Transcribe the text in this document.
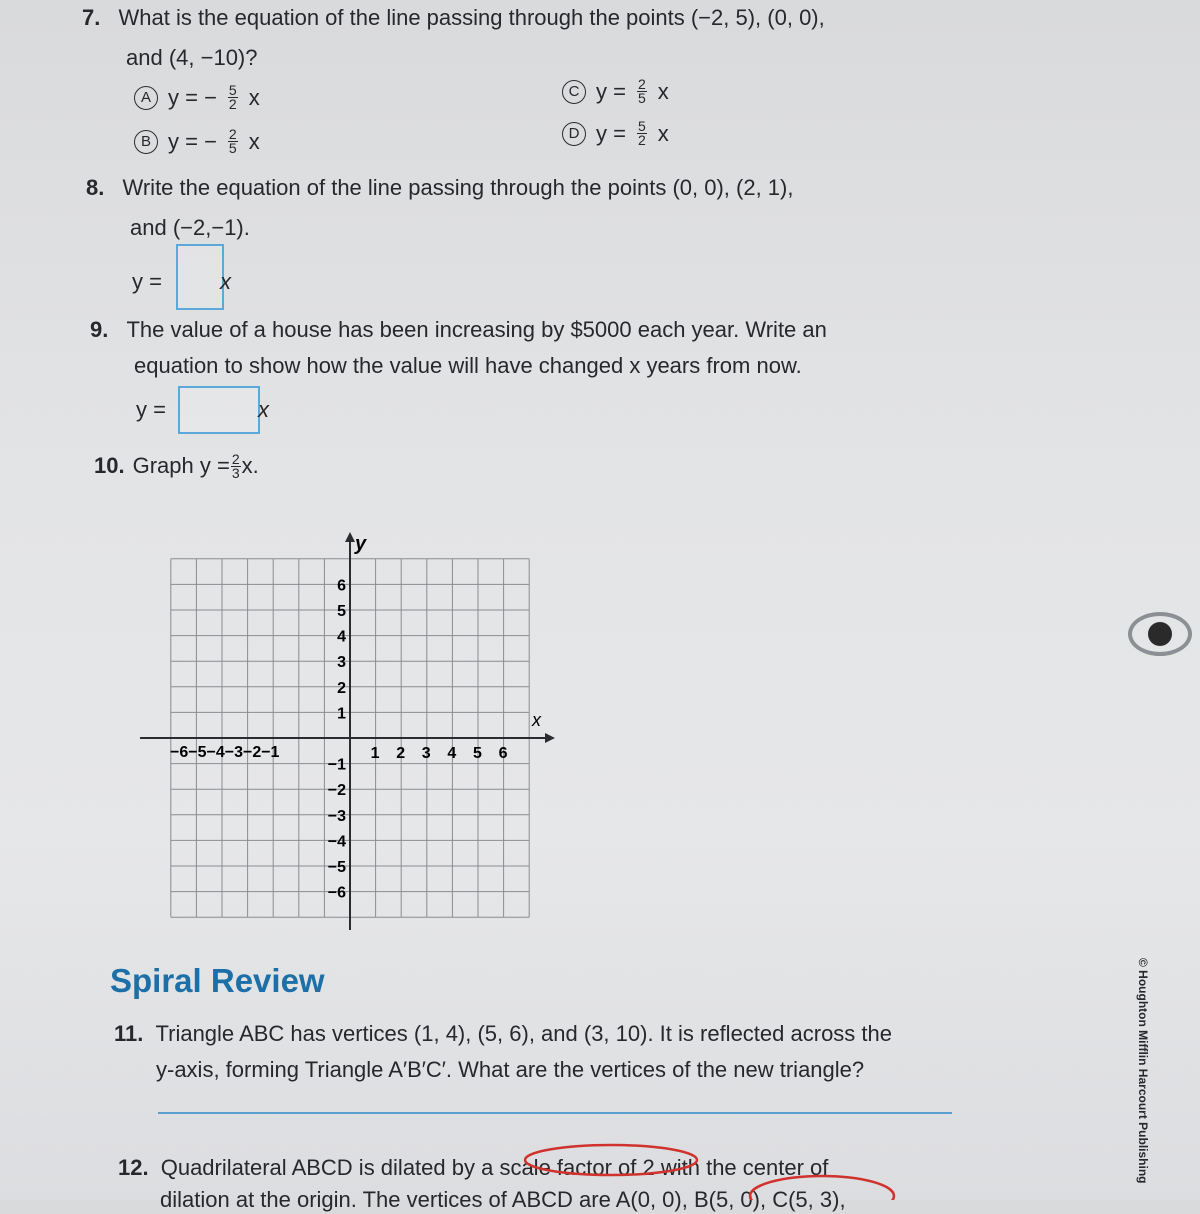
7. What is the equation of the line passing through the points (−2, 5), (0, 0),
and (4, −10)?
A y = − $\frac{5}{2}$ x
B y = − $\frac{2}{5}$ x
C $y = \frac{2}{5}$ x
D $y = \frac{5}{2}$ x
8. Write the equation of the line passing through the points (0, 0), (2, 1),
and (−2,−1).
y =	x
9. The value of a house has been increasing by $5000 each year. Write an
equation to show how the value will have changed x years from now.
y =	x
10. Graph $y = \frac{2}{3} x$.
y
x
−6−5−4−3−2−1	1 2 3 4 5 6
6
5
4
3
2
1
−1
−2
−3
−4
−5
−6
Spiral Review
11. Triangle ABC has vertices (1, 4), (5, 6), and (3, 10). It is reflected across the
y-axis, forming Triangle A′B′C′. What are the vertices of the new triangle?
12. Quadrilateral ABCD is dilated by a scale factor of 2 with the center of
dilation at the origin. The vertices of ABCD are A(0, 0), B(5, 0), C(5, 3),
© Houghton Mifflin Harcourt Publishing
